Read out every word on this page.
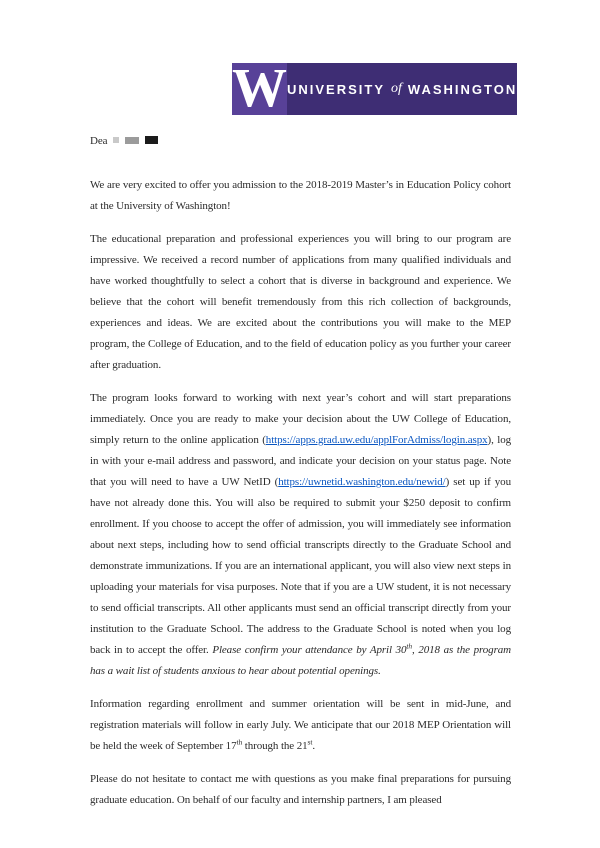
W UNIVERSITY of WASHINGTON

Dea

We are very excited to offer you admission to the 2018-2019 Master’s in Education Policy cohort at the University of Washington!

The educational preparation and professional experiences you will bring to our program are impressive. We received a record number of applications from many qualified individuals and have worked thoughtfully to select a cohort that is diverse in background and experience. We believe that the cohort will benefit tremendously from this rich collection of backgrounds, experiences and ideas. We are excited about the contributions you will make to the MEP program, the College of Education, and to the field of education policy as you further your career after graduation.

The program looks forward to working with next year’s cohort and will start preparations immediately. Once you are ready to make your decision about the UW College of Education, simply return to the online application (https://apps.grad.uw.edu/applForAdmiss/login.aspx), log in with your e-mail address and password, and indicate your decision on your status page. Note that you will need to have a UW NetID (https://uwnetid.washington.edu/newid/) set up if you have not already done this. You will also be required to submit your $250 deposit to confirm enrollment. If you choose to accept the offer of admission, you will immediately see information about next steps, including how to send official transcripts directly to the Graduate School and demonstrate immunizations. If you are an international applicant, you will also view next steps in uploading your materials for visa purposes. Note that if you are a UW student, it is not necessary to send official transcripts. All other applicants must send an official transcript directly from your institution to the Graduate School. The address to the Graduate School is noted when you log back in to accept the offer. Please confirm your attendance by April 30th, 2018 as the program has a wait list of students anxious to hear about potential openings.

Information regarding enrollment and summer orientation will be sent in mid-June, and registration materials will follow in early July. We anticipate that our 2018 MEP Orientation will be held the week of September 17th through the 21st.

Please do not hesitate to contact me with questions as you make final preparations for pursuing graduate education. On behalf of our faculty and internship partners, I am pleased
